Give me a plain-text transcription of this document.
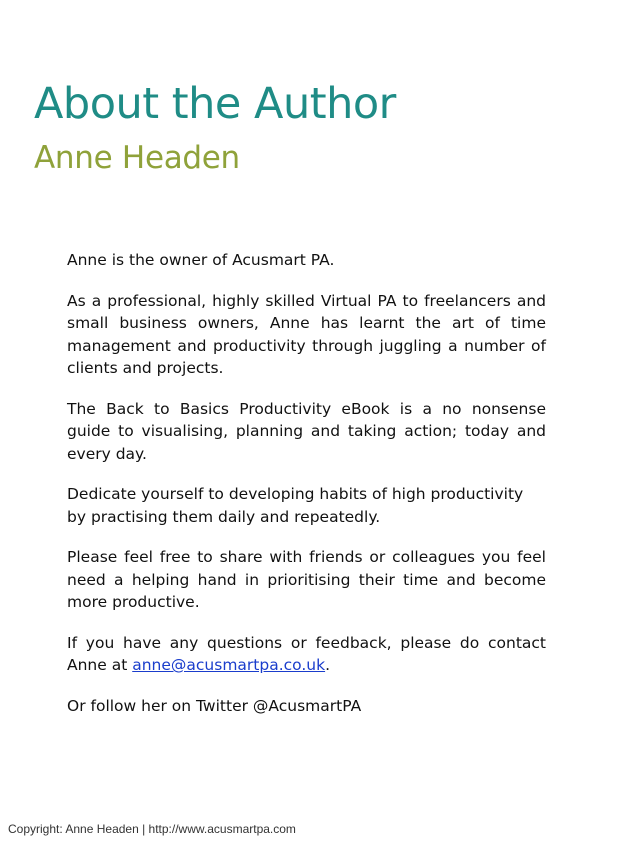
About the Author
Anne Headen

Anne is the owner of Acusmart PA.

As a professional, highly skilled Virtual PA to freelancers and small business owners, Anne has learnt the art of time management and productivity through juggling a number of clients and projects.

The Back to Basics Productivity eBook is a no nonsense guide to visualising, planning and taking action; today and every day.

Dedicate yourself to developing habits of high productivity by practising them daily and repeatedly.

Please feel free to share with friends or colleagues you feel need a helping hand in prioritising their time and become more productive.

If you have any questions or feedback, please do contact Anne at anne@acusmartpa.co.uk.

Or follow her on Twitter @AcusmartPA

Copyright: Anne Headen | http://www.acusmartpa.com
